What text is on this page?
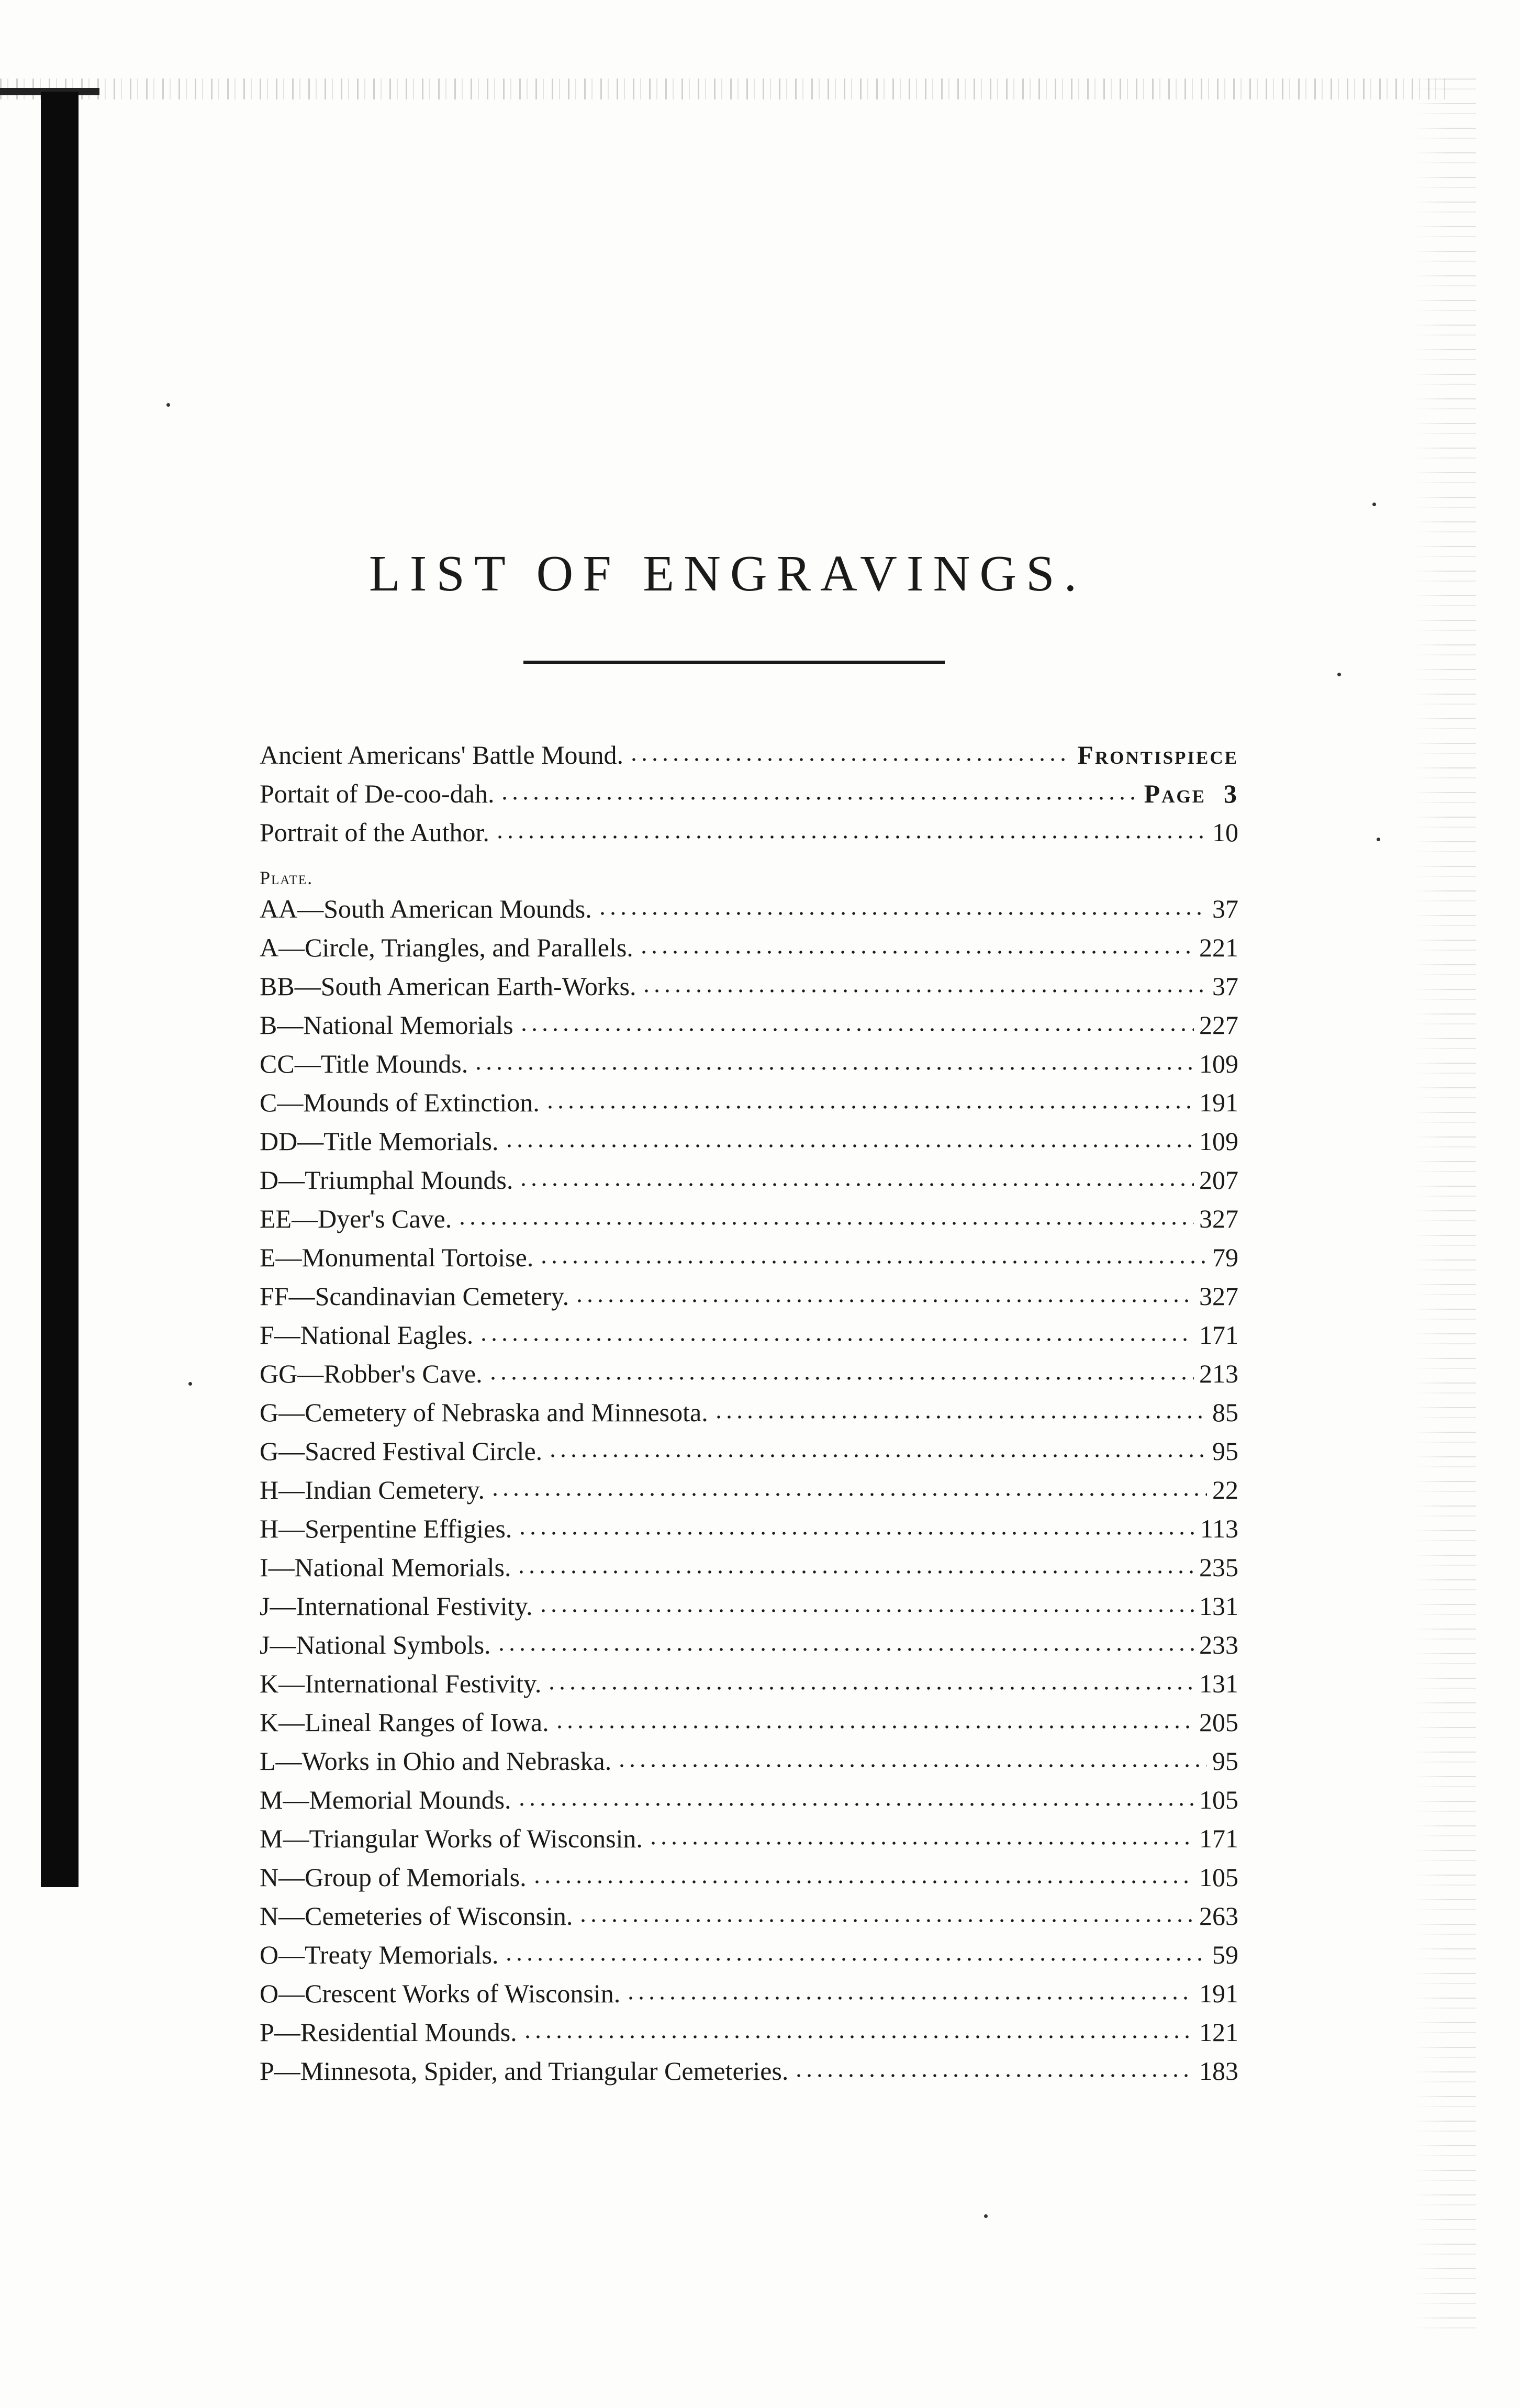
LIST OF ENGRAVINGS.
Ancient Americans' Battle Mound.	Frontispiece
Portait of De-coo-dah.	Page 3
Portrait of the Author.	10
Plate.
AA—South American Mounds.	37
A—Circle, Triangles, and Parallels.	221
BB—South American Earth-Works.	37
B—National Memorials	227
CC—Title Mounds.	109
C—Mounds of Extinction.	191
DD—Title Memorials.	109
D—Triumphal Mounds.	207
EE—Dyer's Cave.	327
E—Monumental Tortoise.	79
FF—Scandinavian Cemetery.	327
F—National Eagles.	171
GG—Robber's Cave.	213
G—Cemetery of Nebraska and Minnesota.	85
G—Sacred Festival Circle.	95
H—Indian Cemetery.	22
H—Serpentine Effigies.	113
I—National Memorials.	235
J—International Festivity.	131
J—National Symbols.	233
K—International Festivity.	131
K—Lineal Ranges of Iowa.	205
L—Works in Ohio and Nebraska.	95
M—Memorial Mounds.	105
M—Triangular Works of Wisconsin.	171
N—Group of Memorials.	105
N—Cemeteries of Wisconsin.	263
O—Treaty Memorials.	59
O—Crescent Works of Wisconsin.	191
P—Residential Mounds.	121
P—Minnesota, Spider, and Triangular Cemeteries.	183
